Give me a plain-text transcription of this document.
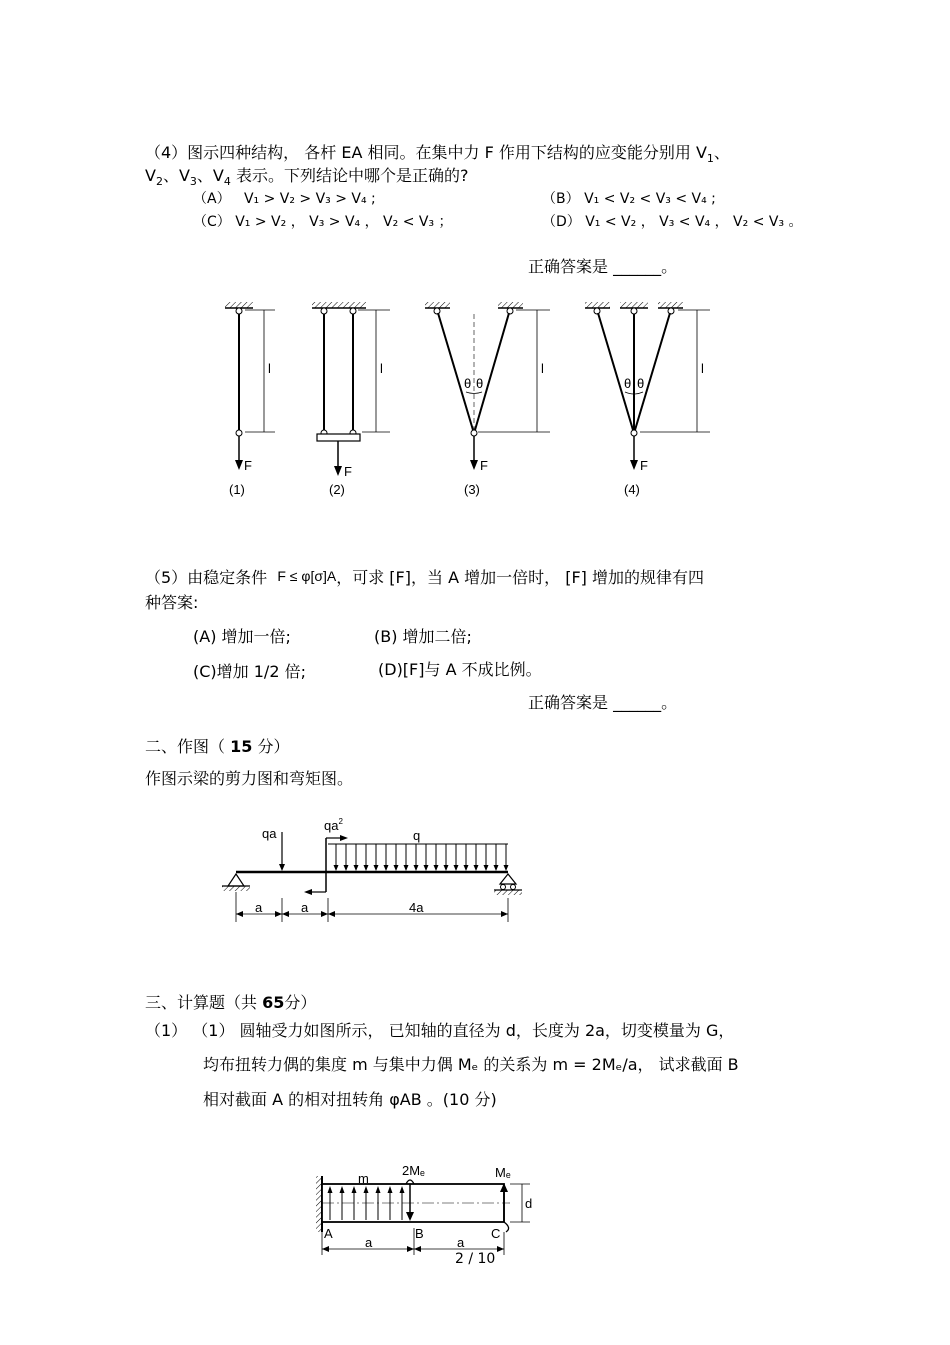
（4）图示四种结构， 各杆 EA 相同。在集中力 F 作用下结构的应变能分别用 $V_1$、
$V_2$、$V_3$、$V_4$ 表示。下列结论中哪个是正确的?
（A） V₁ > V₂ > V₃ > V₄ ;	（B） V₁ < V₂ < V₃ < V₄ ;
（C） V₁ > V₂ ， V₃ > V₄ ， V₂ < V₃ ；	（D） V₁ < V₂ ， V₃ < V₄ ， V₂ < V₃ 。
正确答案是 ______。
l
F
(1)
l
F
(2)
l
θ θ
F
(3)
l
θ θ
F
(4)
（5）由稳定条件 F ≤ φ[σ]A，可求 [F]，当 A 增加一倍时， [F] 增加的规律有四
种答案:
(A) 增加一倍;	(B) 增加二倍;
(C)增加 1/2 倍;	(D)[F]与 A 不成比例。
正确答案是 ______。
二、作图（ 15 分）
作图示梁的剪力图和弯矩图。
qa
$qa^2$
q
a	a	4a
三、计算题（共 65分）
（1） （1） 圆轴受力如图所示， 已知轴的直径为 d，长度为 2a，切变模量为 G，
均布扭转力偶的集度 m 与集中力偶 Mₑ 的关系为 m = 2Mₑ/a， 试求截面 B
相对截面 A 的相对扭转角 φAB 。(10 分)
m
2Mₑ	Mₑ
d
A	B	C
a	a
2 / 10
